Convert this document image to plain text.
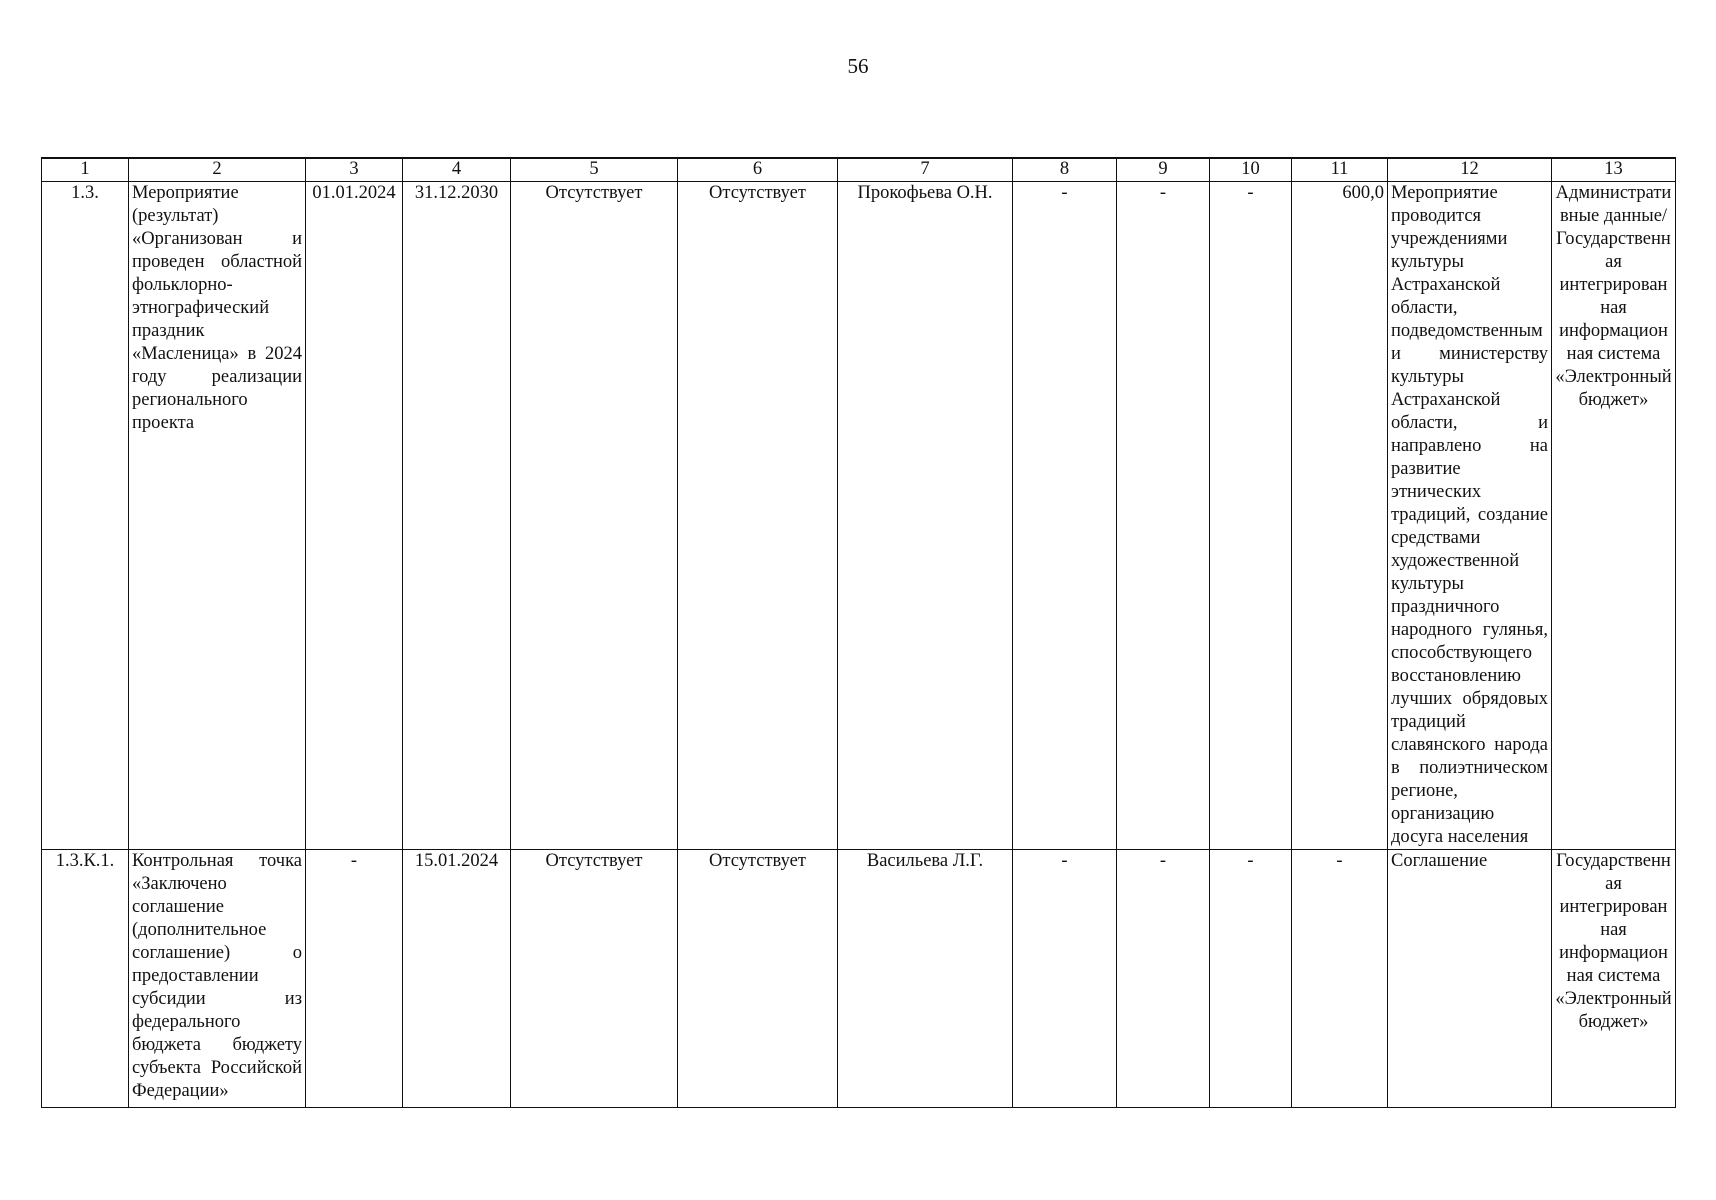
56
1	2	3	4	5	6	7	8	9	10	11	12	13
1.3.	Мероприятие (результат) «Организован и проведен областной фольклорно-этнографический праздник «Масленица» в 2024 году реализации регионального проекта	01.01.2024	31.12.2030	Отсутствует	Отсутствует	Прокофьева О.Н.	-	-	-	600,0	Мероприятие проводится учреждениями культуры Астраханской области, подведомственными министерству культуры Астраханской области, и направлено на развитие этнических традиций, создание средствами художественной культуры праздничного народного гулянья, способствующего восстановлению лучших обрядовых традиций славянского народа в полиэтническом регионе, организацию досуга населения	Административные данные/ Государственная интегрированная информационная система «Электронный бюджет»
1.3.К.1.	Контрольная точка «Заключено соглашение (дополнительное соглашение) о предоставлении субсидии из федерального бюджета бюджету субъекта Российской Федерации»	-	15.01.2024	Отсутствует	Отсутствует	Васильева Л.Г.	-	-	-	-	Соглашение	Государственная интегрированная информационная система «Электронный бюджет»
